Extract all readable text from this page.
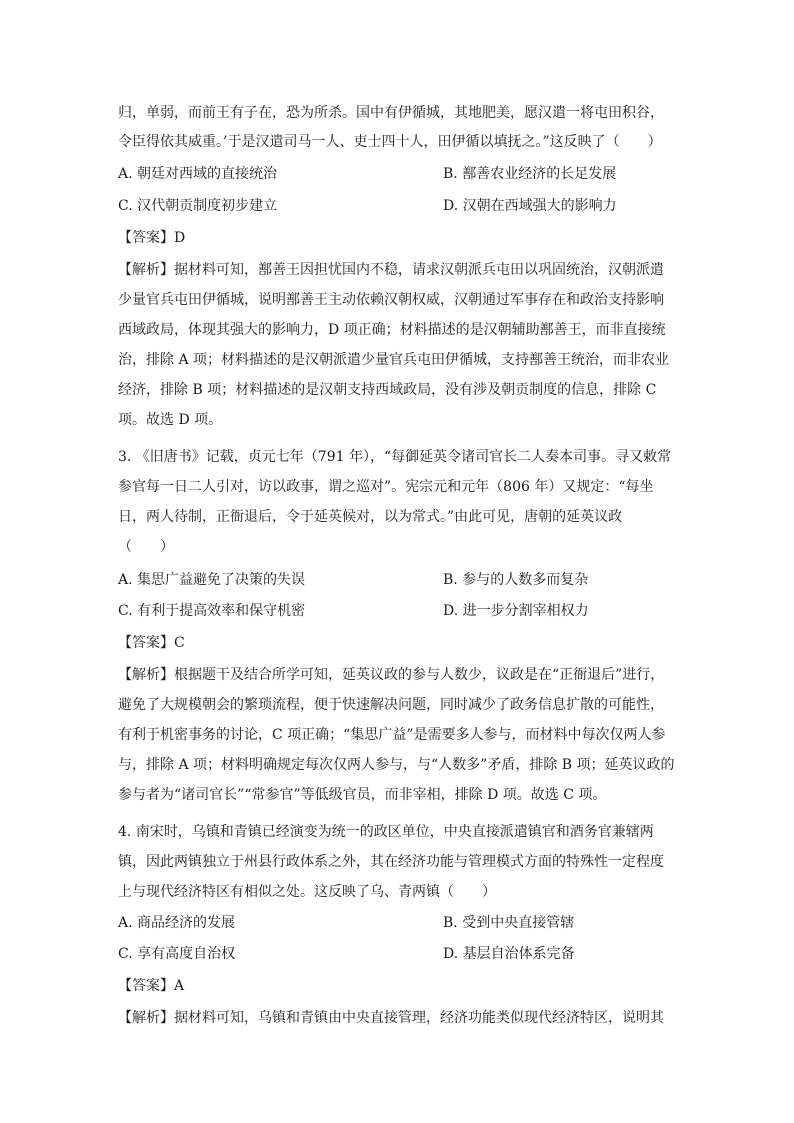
归，单弱，而前王有子在，恐为所杀。国中有伊循城，其地肥美，愿汉遣一将屯田积谷，
令臣得依其威重。’于是汉遣司马一人、吏士四十人，田伊循以填抚之。”这反映了（　　）
A. 朝廷对西域的直接统治	B. 鄯善农业经济的长足发展
C. 汉代朝贡制度初步建立	D. 汉朝在西域强大的影响力
【答案】D
【解析】据材料可知，鄯善王因担忧国内不稳，请求汉朝派兵屯田以巩固统治，汉朝派遣
少量官兵屯田伊循城，说明鄯善王主动依赖汉朝权威，汉朝通过军事存在和政治支持影响
西域政局，体现其强大的影响力，D 项正确；材料描述的是汉朝辅助鄯善王，而非直接统
治，排除 A 项；材料描述的是汉朝派遣少量官兵屯田伊循城，支持鄯善王统治，而非农业
经济，排除 B 项；材料描述的是汉朝支持西域政局，没有涉及朝贡制度的信息，排除 C
项。故选 D 项。
3. 《旧唐书》记载，贞元七年（791 年），“每御延英令诸司官长二人奏本司事。寻又敕常
参官每一日二人引对，访以政事，谓之巡对”。宪宗元和元年（806 年）又规定：“每坐
日，两人待制，正衙退后，令于延英候对，以为常式。”由此可见，唐朝的延英议政
（　　）
A. 集思广益避免了决策的失误	B. 参与的人数多而复杂
C. 有利于提高效率和保守机密	D. 进一步分割宰相权力
【答案】C
【解析】根据题干及结合所学可知，延英议政的参与人数少，议政是在“正衙退后”进行，
避免了大规模朝会的繁琐流程，便于快速解决问题，同时减少了政务信息扩散的可能性，
有利于机密事务的讨论，C 项正确；“集思广益”是需要多人参与，而材料中每次仅两人参
与，排除 A 项；材料明确规定每次仅两人参与，与“人数多”矛盾，排除 B 项；延英议政的
参与者为“诸司官长”“常参官”等低级官员，而非宰相，排除 D 项。故选 C 项。
4. 南宋时，乌镇和青镇已经演变为统一的政区单位，中央直接派遣镇官和酒务官兼辖两
镇，因此两镇独立于州县行政体系之外，其在经济功能与管理模式方面的特殊性一定程度
上与现代经济特区有相似之处。这反映了乌、青两镇（　　）
A. 商品经济的发展	B. 受到中央直接管辖
C. 享有高度自治权	D. 基层自治体系完备
【答案】A
【解析】据材料可知，乌镇和青镇由中央直接管理，经济功能类似现代经济特区，说明其
